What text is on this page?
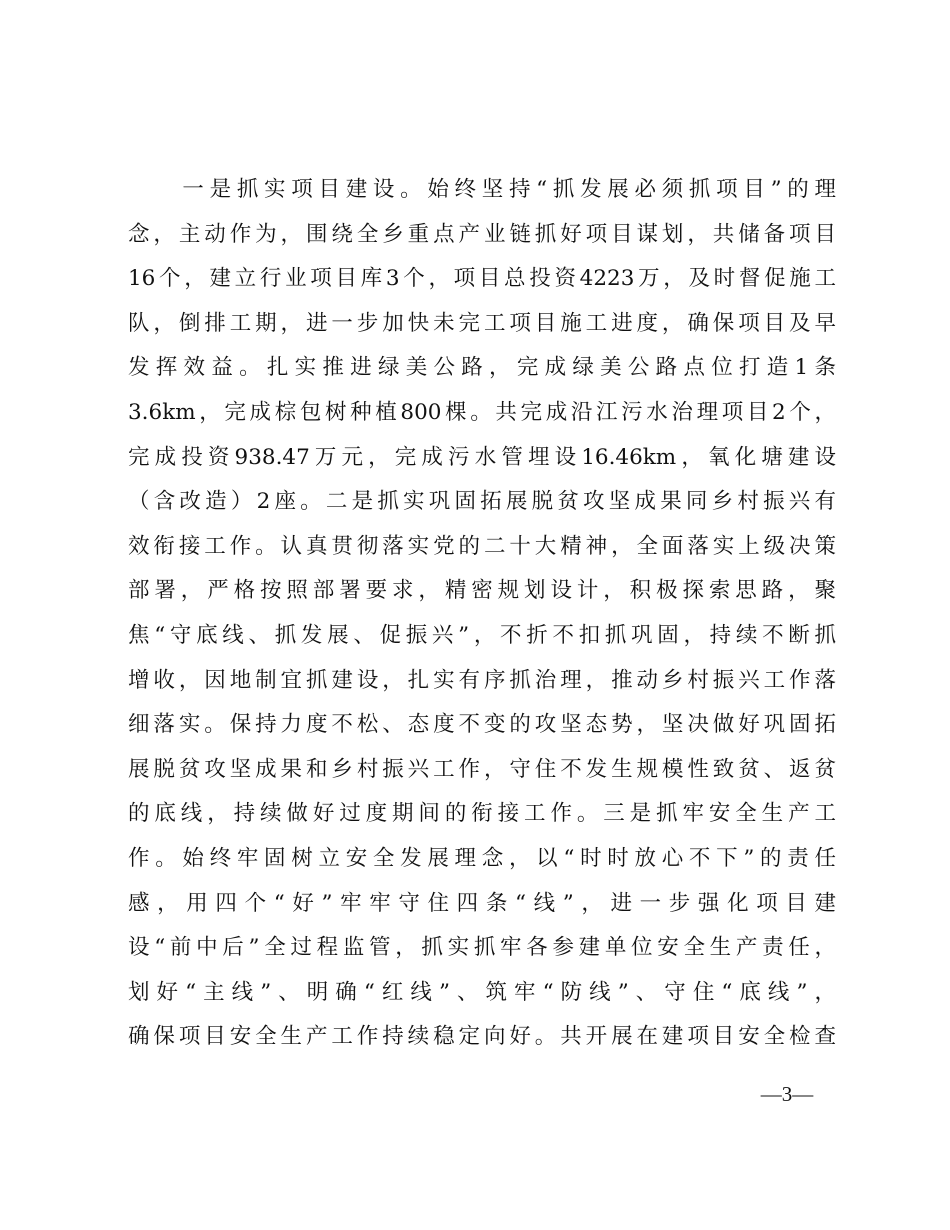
　　一是抓实项目建设。始终坚持“抓发展必须抓项目”的理
念，主动作为，围绕全乡重点产业链抓好项目谋划，共储备项目
16个，建立行业项目库3个，项目总投资4223万，及时督促施工
队，倒排工期，进一步加快未完工项目施工进度，确保项目及早
发挥效益。扎实推进绿美公路，完成绿美公路点位打造1条
3.6km，完成棕包树种植800棵。共完成沿江污水治理项目2个，
完成投资938.47万元，完成污水管埋设16.46km，氧化塘建设
（含改造）2座。二是抓实巩固拓展脱贫攻坚成果同乡村振兴有
效衔接工作。认真贯彻落实党的二十大精神，全面落实上级决策
部署，严格按照部署要求，精密规划设计，积极探索思路，聚
焦“守底线、抓发展、促振兴”，不折不扣抓巩固，持续不断抓
增收，因地制宜抓建设，扎实有序抓治理，推动乡村振兴工作落
细落实。保持力度不松、态度不变的攻坚态势，坚决做好巩固拓
展脱贫攻坚成果和乡村振兴工作，守住不发生规模性致贫、返贫
的底线，持续做好过度期间的衔接工作。三是抓牢安全生产工
作。始终牢固树立安全发展理念，以“时时放心不下”的责任
感，用四个“好”牢牢守住四条“线”，进一步强化项目建
设“前中后”全过程监管，抓实抓牢各参建单位安全生产责任，
划好“主线”、明确“红线”、筑牢“防线”、守住“底线”，
确保项目安全生产工作持续稳定向好。共开展在建项目安全检查
—3—
